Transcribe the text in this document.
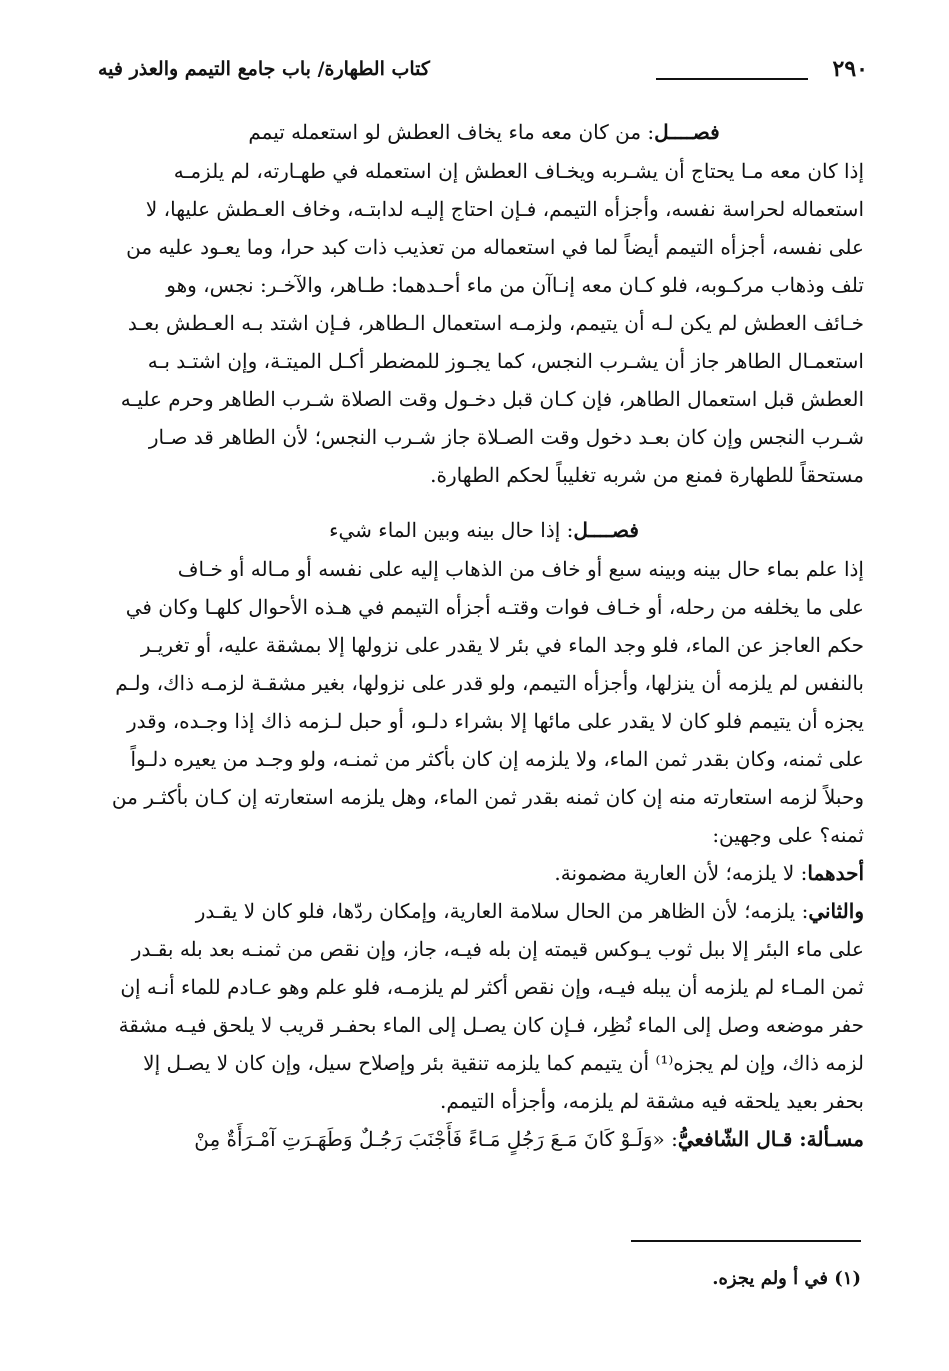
٢٩٠
كتاب الطهارة/ باب جامع التيمم والعذر فيه
فصــــل: من كان معه ماء يخاف العطش لو استعمله تيمم
إذا كان معه مـا يحتاج أن يشـربه ويخـاف العطش إن استعمله في طهـارته، لم يلزمـه
استعماله لحراسة نفسه، وأجزأه التيمم، فـإن احتاج إليـه لدابتـه، وخاف العـطش عليها، لا
على نفسه، أجزأه التيمم أيضاً لما في استعماله من تعذيب ذات كبد حرا، وما يعـود عليه من
تلف وذهاب مركـوبه، فلو كـان معه إنـاآن من ماء أحـدهما: طـاهر، والآخـر: نجس، وهو
خـائف العطش لم يكن لـه أن يتيمم، ولزمـه استعمال الـطاهر، فـإن اشتد بـه العـطش بعـد
استعمـال الطاهر جاز أن يشـرب النجس، كما يجـوز للمضطر أكـل الميتـة، وإن اشتـد بـه
العطش قبل استعمال الطاهر، فإن كـان قبل دخـول وقت الصلاة شـرب الطاهر وحرم عليـه
شـرب النجس وإن كان بعـد دخول وقت الصـلاة جاز شـرب النجس؛ لأن الطاهر قد صـار
مستحقاً للطهارة فمنع من شربه تغليباً لحكم الطهارة.
فصــــل: إذا حال بينه وبين الماء شيء
إذا علم بماء حال بينه وبينه سبع أو خاف من الذهاب إليه على نفسه أو مـاله أو خـاف
على ما يخلفه من رحله، أو خـاف فوات وقتـه أجزأه التيمم في هـذه الأحوال كلهـا وكان في
حكم العاجز عن الماء، فلو وجد الماء في بئر لا يقدر على نزولها إلا بمشقة عليه، أو تغريـر
بالنفس لم يلزمه أن ينزلها، وأجزأه التيمم، ولو قدر على نزولها، بغير مشقـة لزمـه ذاك، ولـم
يجزه أن يتيمم فلو كان لا يقدر على مائها إلا بشراء دلـو، أو حبل لـزمه ذاك إذا وجـده، وقدر
على ثمنه، وكان بقدر ثمن الماء، ولا يلزمه إن كان بأكثر من ثمنـه، ولو وجـد من يعيره دلـواً
وحبلاً لزمه استعارته منه إن كان ثمنه بقدر ثمن الماء، وهل يلزمه استعارته إن كـان بأكثـر من
ثمنه؟ على وجهين:
أحدهما: لا يلزمه؛ لأن العارية مضمونة.
والثاني: يلزمه؛ لأن الظاهر من الحال سلامة العارية، وإمكان ردّها، فلو كان لا يقـدر
على ماء البئر إلا ببل ثوب يـوكس قيمته إن بله فيـه، جاز، وإن نقص من ثمنـه بعد بله بقـدر
ثمن المـاء لم يلزمه أن يبله فيـه، وإن نقص أكثر لم يلزمـه، فلو علم وهو عـادم للماء أنـه إن
حفر موضعه وصل إلى الماء نُظِر، فـإن كان يصـل إلى الماء بحفـر قريب لا يلحق فيـه مشقة
لزمه ذاك، وإن لم يجزه⁽¹⁾ أن يتيمم كما يلزمه تنقية بئر وإصلاح سيل، وإن كان لا يصـل إلا
بحفر بعيد يلحقه فيه مشقة لم يلزمه، وأجزأه التيمم.
مسـألة: قـال الشّافعيُّ: «وَلَـوْ كَانَ مَـعَ رَجُلٍ مَـاءً فَأَجْنَبَ رَجُـلٌ وَطَهَـرَتِ آمْـرَأَةٌ مِنْ
(١) في أ ولم يجزه.
